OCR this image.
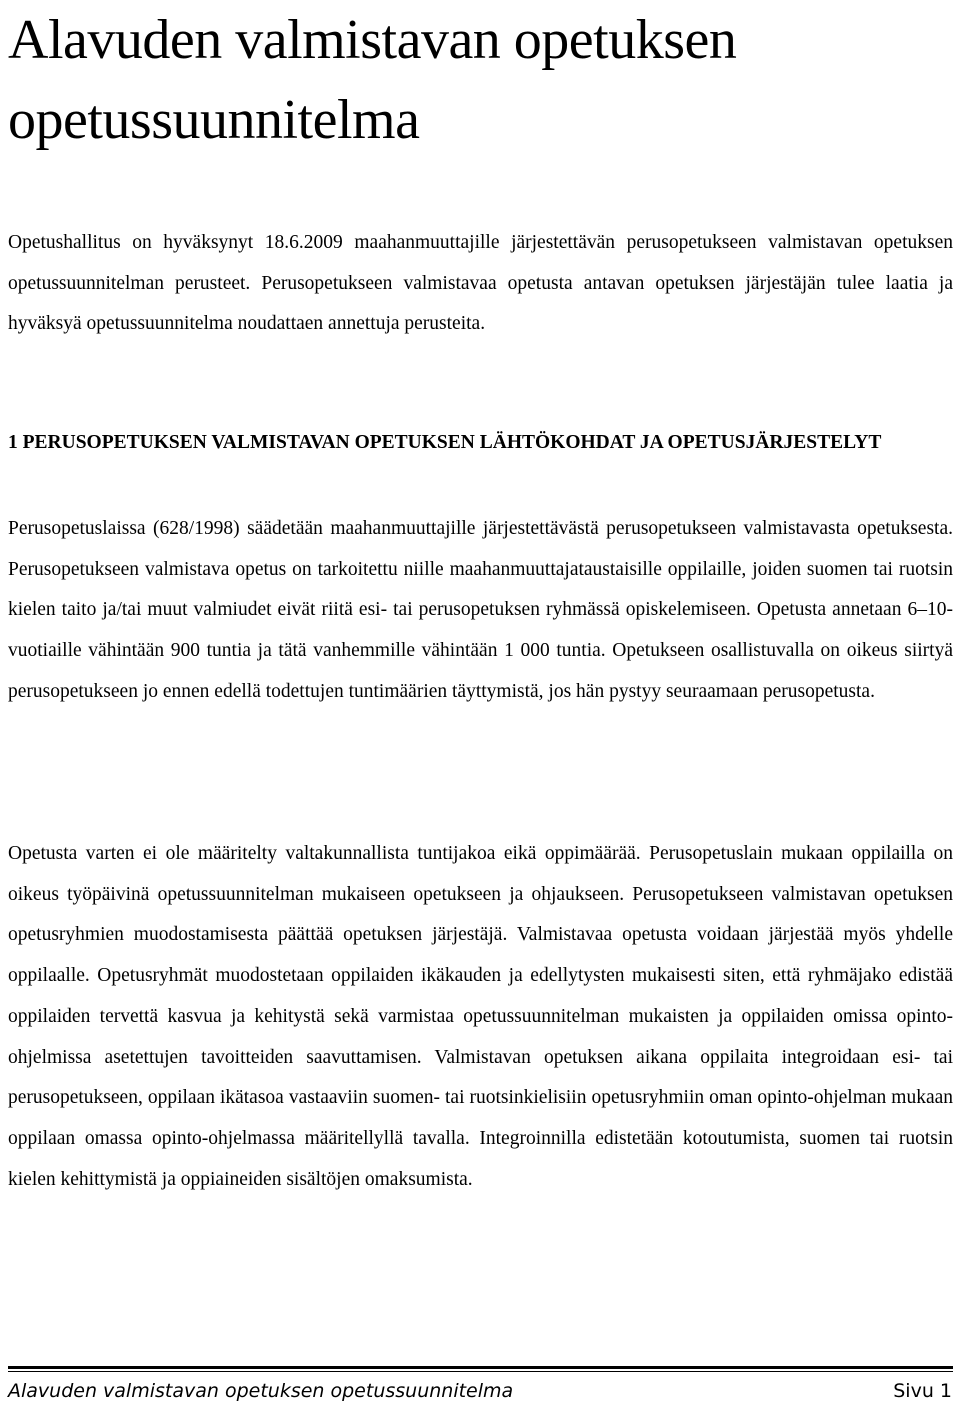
Alavuden valmistavan opetuksen opetussuunnitelma

Opetushallitus on hyväksynyt 18.6.2009 maahanmuuttajille järjestettävän perusopetukseen valmistavan opetuksen opetussuunnitelman perusteet. Perusopetukseen valmistavaa opetusta antavan opetuksen järjestäjän tulee laatia ja hyväksyä opetussuunnitelma noudattaen annettuja perusteita.

1 PERUSOPETUKSEN VALMISTAVAN OPETUKSEN LÄHTÖKOHDAT JA OPETUSJÄRJESTELYT

Perusopetuslaissa (628/1998) säädetään maahanmuuttajille järjestettävästä perusopetukseen valmistavasta opetuksesta. Perusopetukseen valmistava opetus on tarkoitettu niille maahanmuuttajataustaisille oppilaille, joiden suomen tai ruotsin kielen taito ja/tai muut valmiudet eivät riitä esi- tai perusopetuksen ryhmässä opiskelemiseen. Opetusta annetaan 6‒10-vuotiaille vähintään 900 tuntia ja tätä vanhemmille vähintään 1 000 tuntia. Opetukseen osallistuvalla on oikeus siirtyä perusopetukseen jo ennen edellä todettujen tuntimäärien täyttymistä, jos hän pystyy seuraamaan perusopetusta.

Opetusta varten ei ole määritelty valtakunnallista tuntijakoa eikä oppimäärää. Perusopetuslain mukaan oppilailla on oikeus työpäivinä opetussuunnitelman mukaiseen opetukseen ja ohjaukseen. Perusopetukseen valmistavan opetuksen opetusryhmien muodostamisesta päättää opetuksen järjestäjä. Valmistavaa opetusta voidaan järjestää myös yhdelle oppilaalle. Opetusryhmät muodostetaan oppilaiden ikäkauden ja edellytysten mukaisesti siten, että ryhmäjako edistää oppilaiden tervettä kasvua ja kehitystä sekä varmistaa opetussuunnitelman mukaisten ja oppilaiden omissa opinto-ohjelmissa asetettujen tavoitteiden saavuttamisen. Valmistavan opetuksen aikana oppilaita integroidaan esi- tai perusopetukseen, oppilaan ikätasoa vastaaviin suomen- tai ruotsinkielisiin opetusryhmiin oman opinto-ohjelman mukaan oppilaan omassa opinto-ohjelmassa määritellyllä tavalla. Integroinnilla edistetään kotoutumista, suomen tai ruotsin kielen kehittymistä ja oppiaineiden sisältöjen omaksumista.

Alavuden valmistavan opetuksen opetussuunnitelma	Sivu 1
